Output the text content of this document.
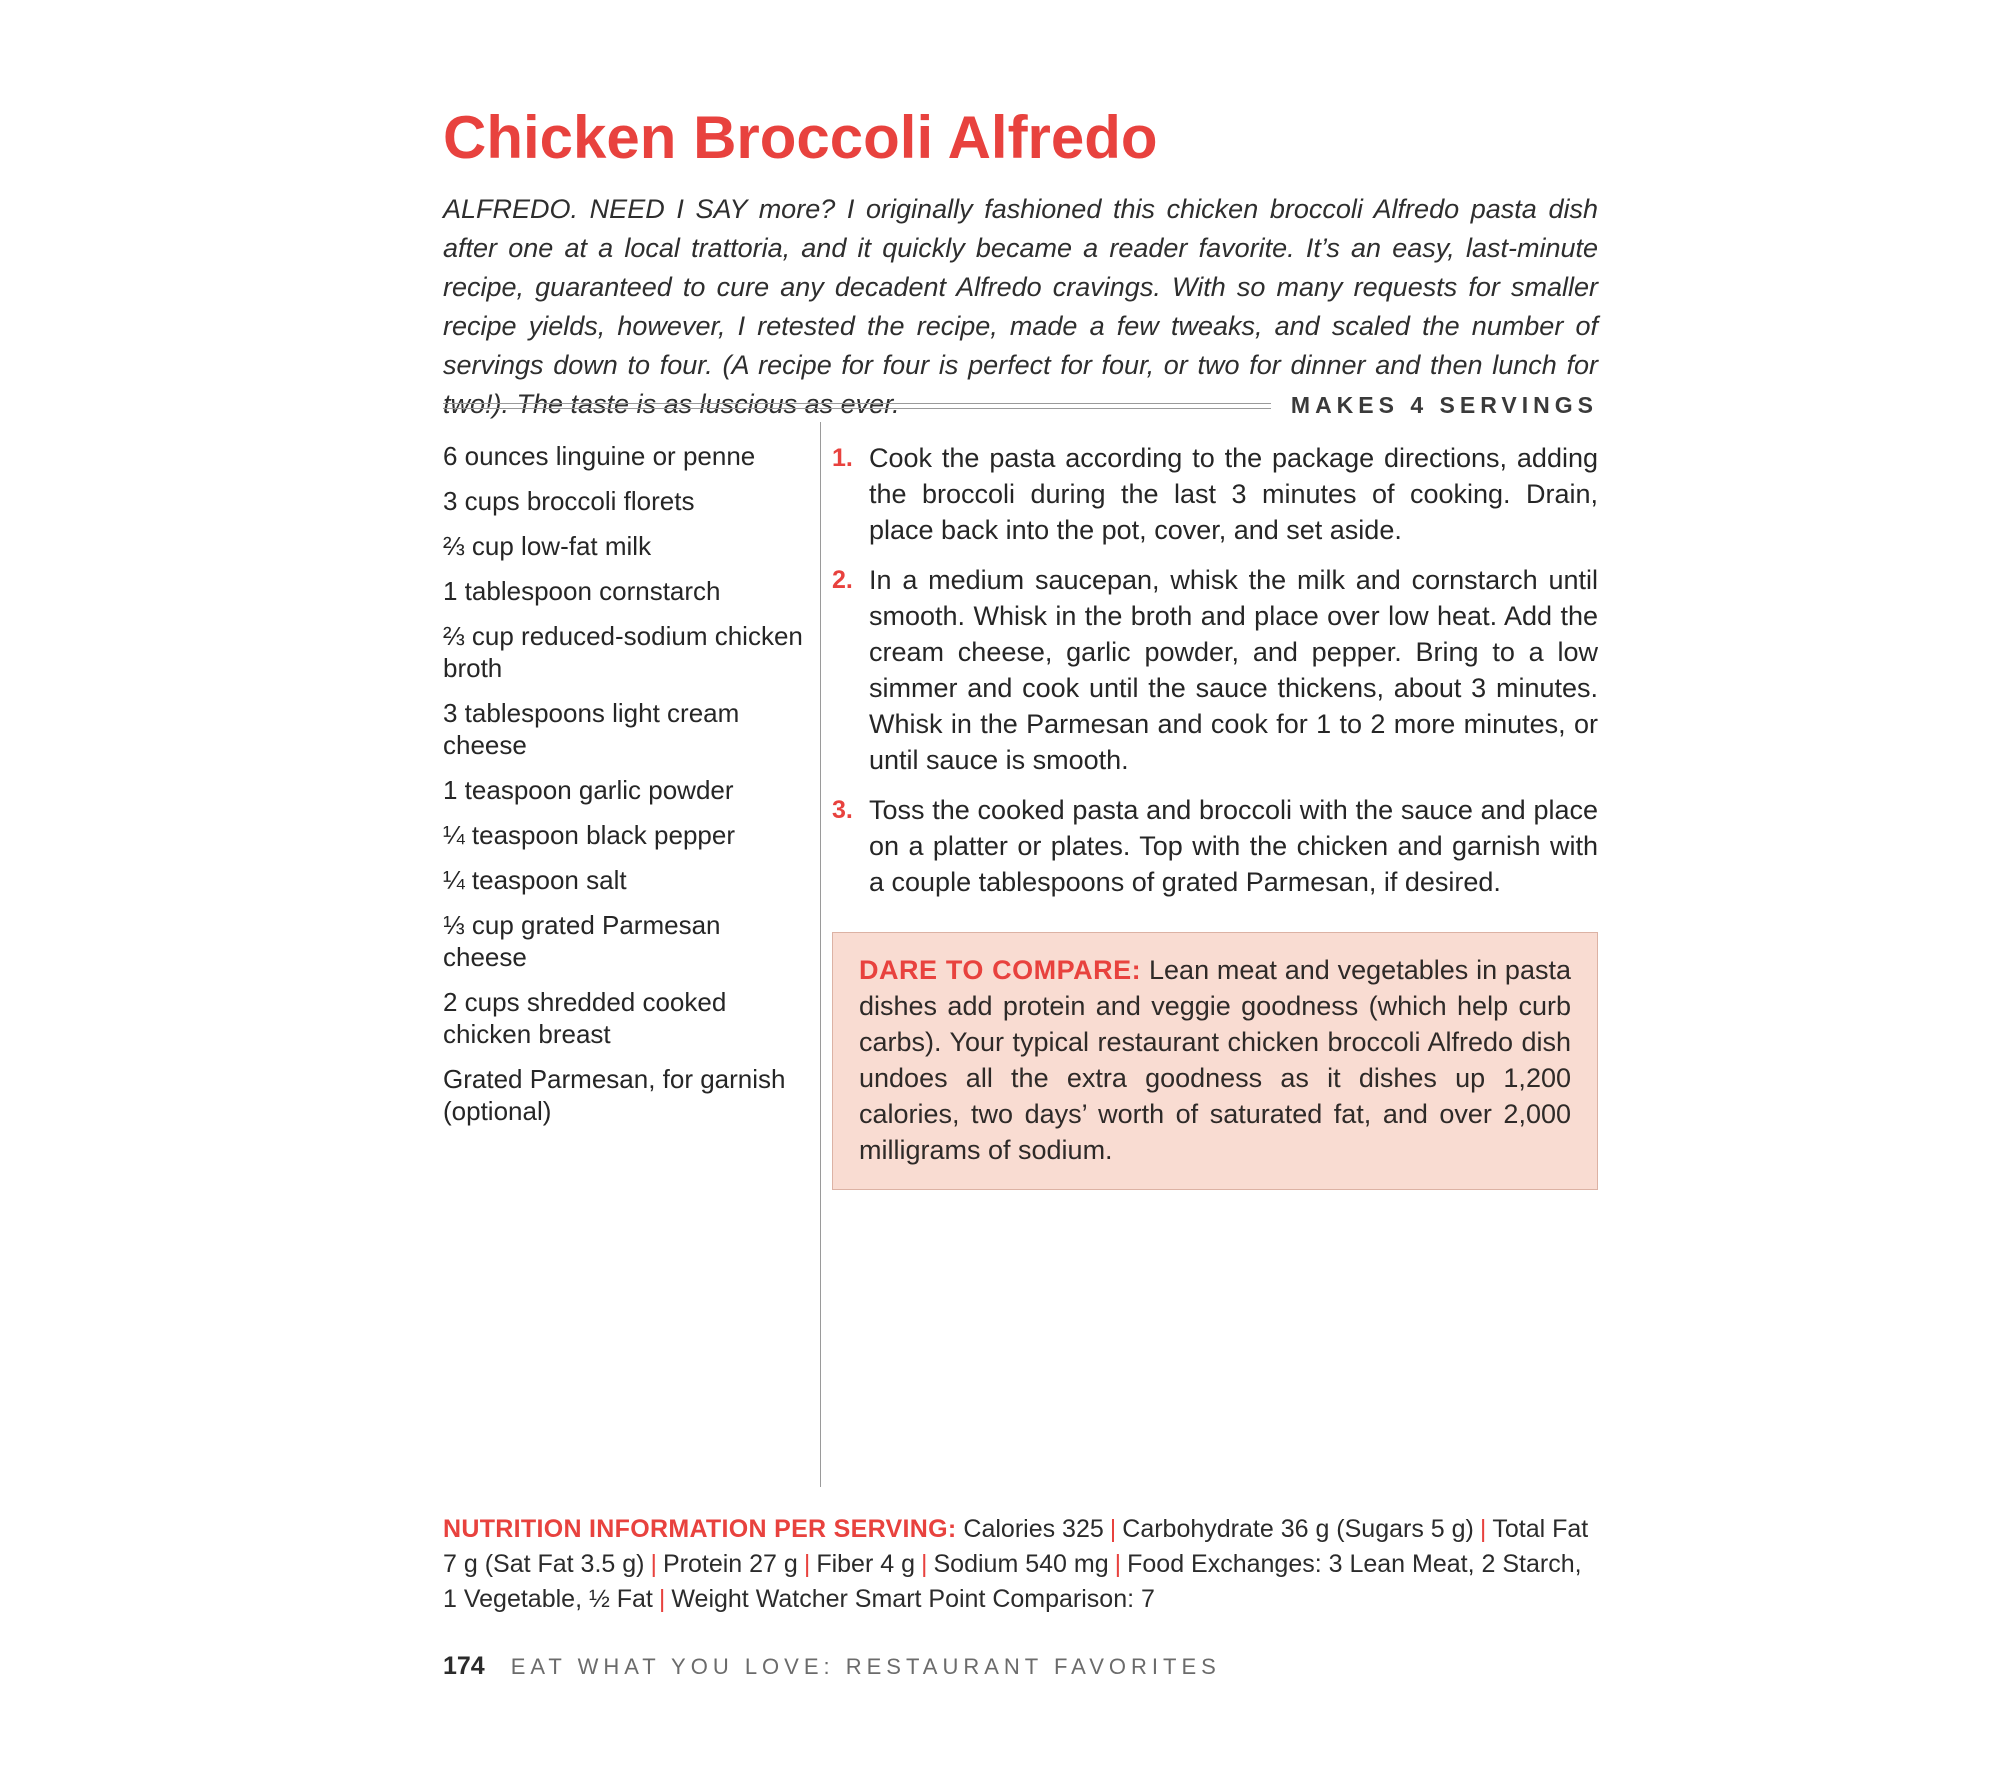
Chicken Broccoli Alfredo

ALFREDO. NEED I SAY more? I originally fashioned this chicken broccoli Alfredo pasta dish after one at a local trattoria, and it quickly became a reader favorite. It’s an easy, last-minute recipe, guaranteed to cure any decadent Alfredo cravings. With so many requests for smaller recipe yields, however, I retested the recipe, made a few tweaks, and scaled the number of servings down to four. (A recipe for four is perfect for four, or two for dinner and then lunch for two!). The taste is as luscious as ever.	MAKES 4 SERVINGS
6 ounces linguine or penne
3 cups broccoli florets
⅔ cup low-fat milk
1 tablespoon cornstarch
⅔ cup reduced-sodium chicken broth
3 tablespoons light cream cheese
1 teaspoon garlic powder
¼ teaspoon black pepper
¼ teaspoon salt
⅓ cup grated Parmesan cheese
2 cups shredded cooked chicken breast
Grated Parmesan, for garnish (optional)
1. Cook the pasta according to the package directions, adding the broccoli during the last 3 minutes of cooking. Drain, place back into the pot, cover, and set aside.
2. In a medium saucepan, whisk the milk and cornstarch until smooth. Whisk in the broth and place over low heat. Add the cream cheese, garlic powder, and pepper. Bring to a low simmer and cook until the sauce thickens, about 3 minutes. Whisk in the Parmesan and cook for 1 to 2 more minutes, or until sauce is smooth.
3. Toss the cooked pasta and broccoli with the sauce and place on a platter or plates. Top with the chicken and garnish with a couple tablespoons of grated Parmesan, if desired.
DARE TO COMPARE: Lean meat and vegetables in pasta dishes add protein and veggie goodness (which help curb carbs). Your typical restaurant chicken broccoli Alfredo dish undoes all the extra goodness as it dishes up 1,200 calories, two days’ worth of saturated fat, and over 2,000 milligrams of sodium.

NUTRITION INFORMATION PER SERVING: Calories 325 | Carbohydrate 36 g (Sugars 5 g) | Total Fat 7 g (Sat Fat 3.5 g) | Protein 27 g | Fiber 4 g | Sodium 540 mg | Food Exchanges: 3 Lean Meat, 2 Starch, 1 Vegetable, ½ Fat | Weight Watcher Smart Point Comparison: 7

174 EAT WHAT YOU LOVE: RESTAURANT FAVORITES
